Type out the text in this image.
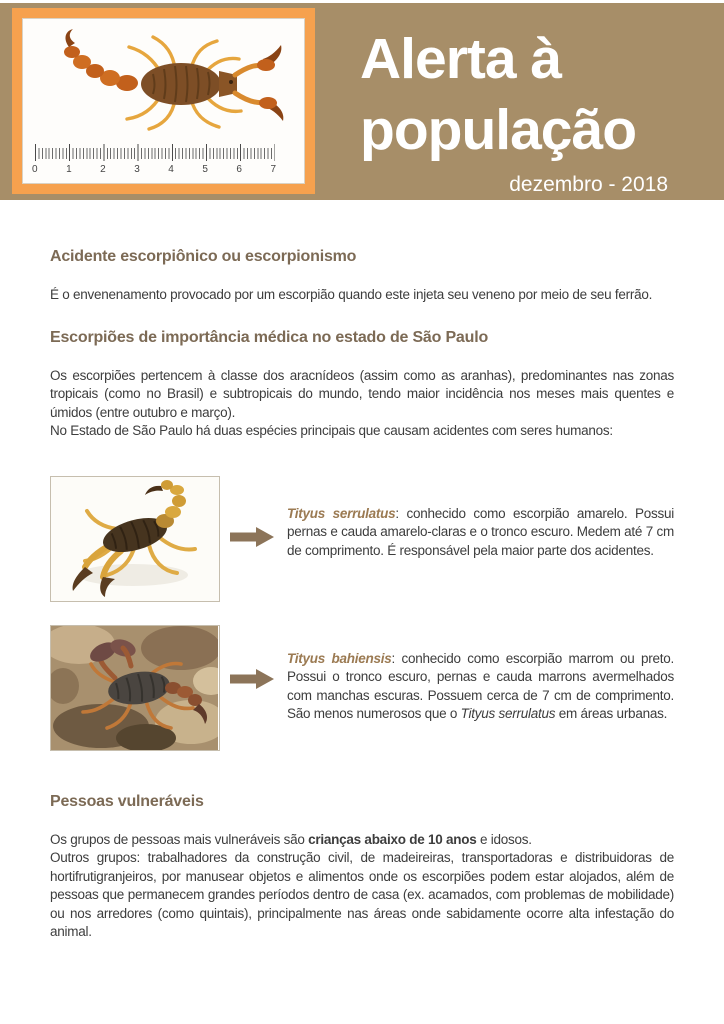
0	1	2	3	4	5	6	7
Alerta à
população
dezembro - 2018

Acidente escorpiônico ou escorpionismo

É o envenenamento provocado por um escorpião quando este injeta seu veneno por meio de seu ferrão.

Escorpiões de importância médica no estado de São Paulo

Os escorpiões pertencem à classe dos aracnídeos (assim como as aranhas), predominantes nas zonas tropicais (como no Brasil) e subtropicais do mundo, tendo maior incidência nos meses mais quentes e úmidos (entre outubro e março).

No Estado de São Paulo há duas espécies principais que causam acidentes com seres humanos:

Tityus serrulatus: conhecido como escorpião amarelo. Possui pernas e cauda amarelo-claras e o tronco escuro. Medem até 7 cm de comprimento. É responsável pela maior parte dos acidentes.

Tityus bahiensis: conhecido como escorpião marrom ou preto. Possui o tronco escuro, pernas e cauda marrons avermelhados com manchas escuras. Possuem cerca de 7 cm de comprimento. São menos numerosos que o Tityus serrulatus em áreas urbanas.

Pessoas vulneráveis

Os grupos de pessoas mais vulneráveis são crianças abaixo de 10 anos e idosos.

Outros grupos: trabalhadores da construção civil, de madeireiras, transportadoras e distribuidoras de hortifrutigranjeiros, por manusear objetos e alimentos onde os escorpiões podem estar alojados, além de pessoas que permanecem grandes períodos dentro de casa (ex. acamados, com problemas de mobilidade) ou nos arredores (como quintais), principalmente nas áreas onde sabidamente ocorre alta infestação do animal.
